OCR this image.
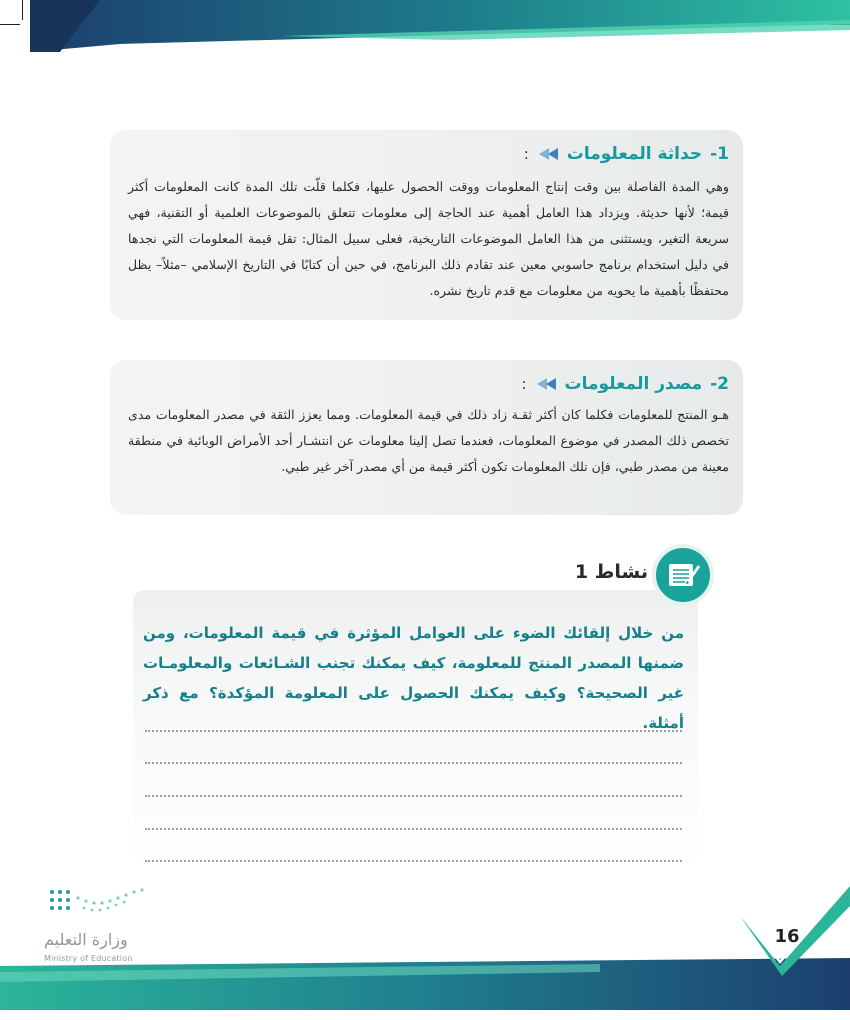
1-
حداثة المعلومات
:

وهي المدة الفاصلة بين وقت إنتاج المعلومات ووقت الحصول عليها، فكلما قلّت تلك المدة كانت المعلومات أكثر قيمة؛ لأنها حديثة. ويزداد هذا العامل أهمية عند الحاجة إلى معلومات تتعلق بالموضوعات العلمية أو التقنية، فهي سريعة التغير، ويستثنى من هذا العامل الموضوعات التاريخية، فعلى سبيل المثال: تقل قيمة المعلومات التي نجدها في دليل استخدام برنامج حاسوبي معين عند تقادم ذلك البرنامج، في حين أن كتابًا في التاريخ الإسلامي –مثلاً– يظل محتفظًا بأهمية ما يحويه من معلومات مع قدم تاريخ نشره.

2-
مصدر المعلومات
:

هـو المنتج للمعلومات فكلما كان أكثر ثقـة زاد ذلك في قيمة المعلومات. ومما يعزز الثقة في مصدر المعلومات مدى تخصص ذلك المصدر في موضوع المعلومات، فعندما تصل إلينا معلومات عن انتشـار أحد الأمراض الوبائية في منطقة معينة من مصدر طبي، فإن تلك المعلومات تكون أكثر قيمة من أي مصدر آخر غير طبي.

من خلال إلقائك الضوء على العوامل المؤثرة في قيمة المعلومات، ومن ضمنها المصدر المنتج للمعلومة، كيف يمكنك تجنب الشـائعات والمعلومـات غير الصحيحة؟ وكيف يمكنك الحصول على المعلومة المؤكدة؟ مع ذكر أمثلة.

نشاط 1
16
وزارة التعليم
Ministry of Education
